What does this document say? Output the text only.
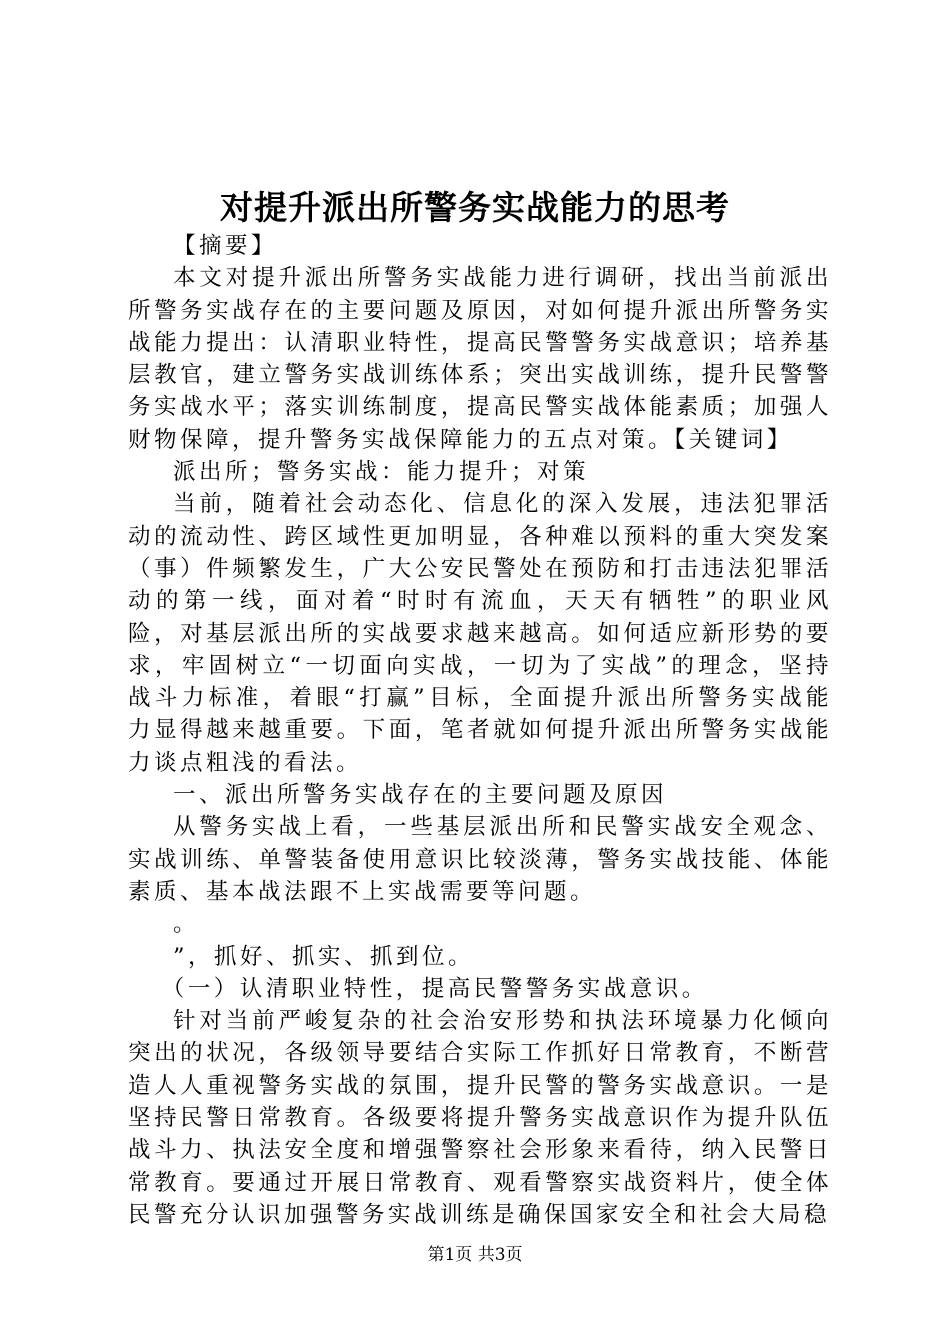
对提升派出所警务实战能力的思考

【摘要】

本文对提升派出所警务实战能力进行调研，找出当前派出所警务实战存在的主要问题及原因，对如何提升派出所警务实战能力提出：认清职业特性，提高民警警务实战意识；培养基层教官，建立警务实战训练体系；突出实战训练，提升民警警务实战水平；落实训练制度，提高民警实战体能素质；加强人财物保障，提升警务实战保障能力的五点对策。【关键词】

派出所；警务实战：能力提升；对策

当前，随着社会动态化、信息化的深入发展，违法犯罪活动的流动性、跨区域性更加明显，各种难以预料的重大突发案（事）件频繁发生，广大公安民警处在预防和打击违法犯罪活动的第一线，面对着“时时有流血，天天有牺牲”的职业风险，对基层派出所的实战要求越来越高。如何适应新形势的要求，牢固树立“一切面向实战，一切为了实战”的理念，坚持战斗力标准，着眼“打赢”目标，全面提升派出所警务实战能力显得越来越重要。下面，笔者就如何提升派出所警务实战能力谈点粗浅的看法。

一、派出所警务实战存在的主要问题及原因

从警务实战上看，一些基层派出所和民警实战安全观念、实战训练、单警装备使用意识比较淡薄，警务实战技能、体能素质、基本战法跟不上实战需要等问题。

。

”，抓好、抓实、抓到位。

（一）认清职业特性，提高民警警务实战意识。

针对当前严峻复杂的社会治安形势和执法环境暴力化倾向突出的状况，各级领导要结合实际工作抓好日常教育，不断营造人人重视警务实战的氛围，提升民警的警务实战意识。一是坚持民警日常教育。各级要将提升警务实战意识作为提升队伍战斗力、执法安全度和增强警察社会形象来看待，纳入民警日常教育。要通过开展日常教育、观看警察实战资料片，使全体民警充分认识加强警务实战训练是确保国家安全和社会大局稳

第1页 共3页
